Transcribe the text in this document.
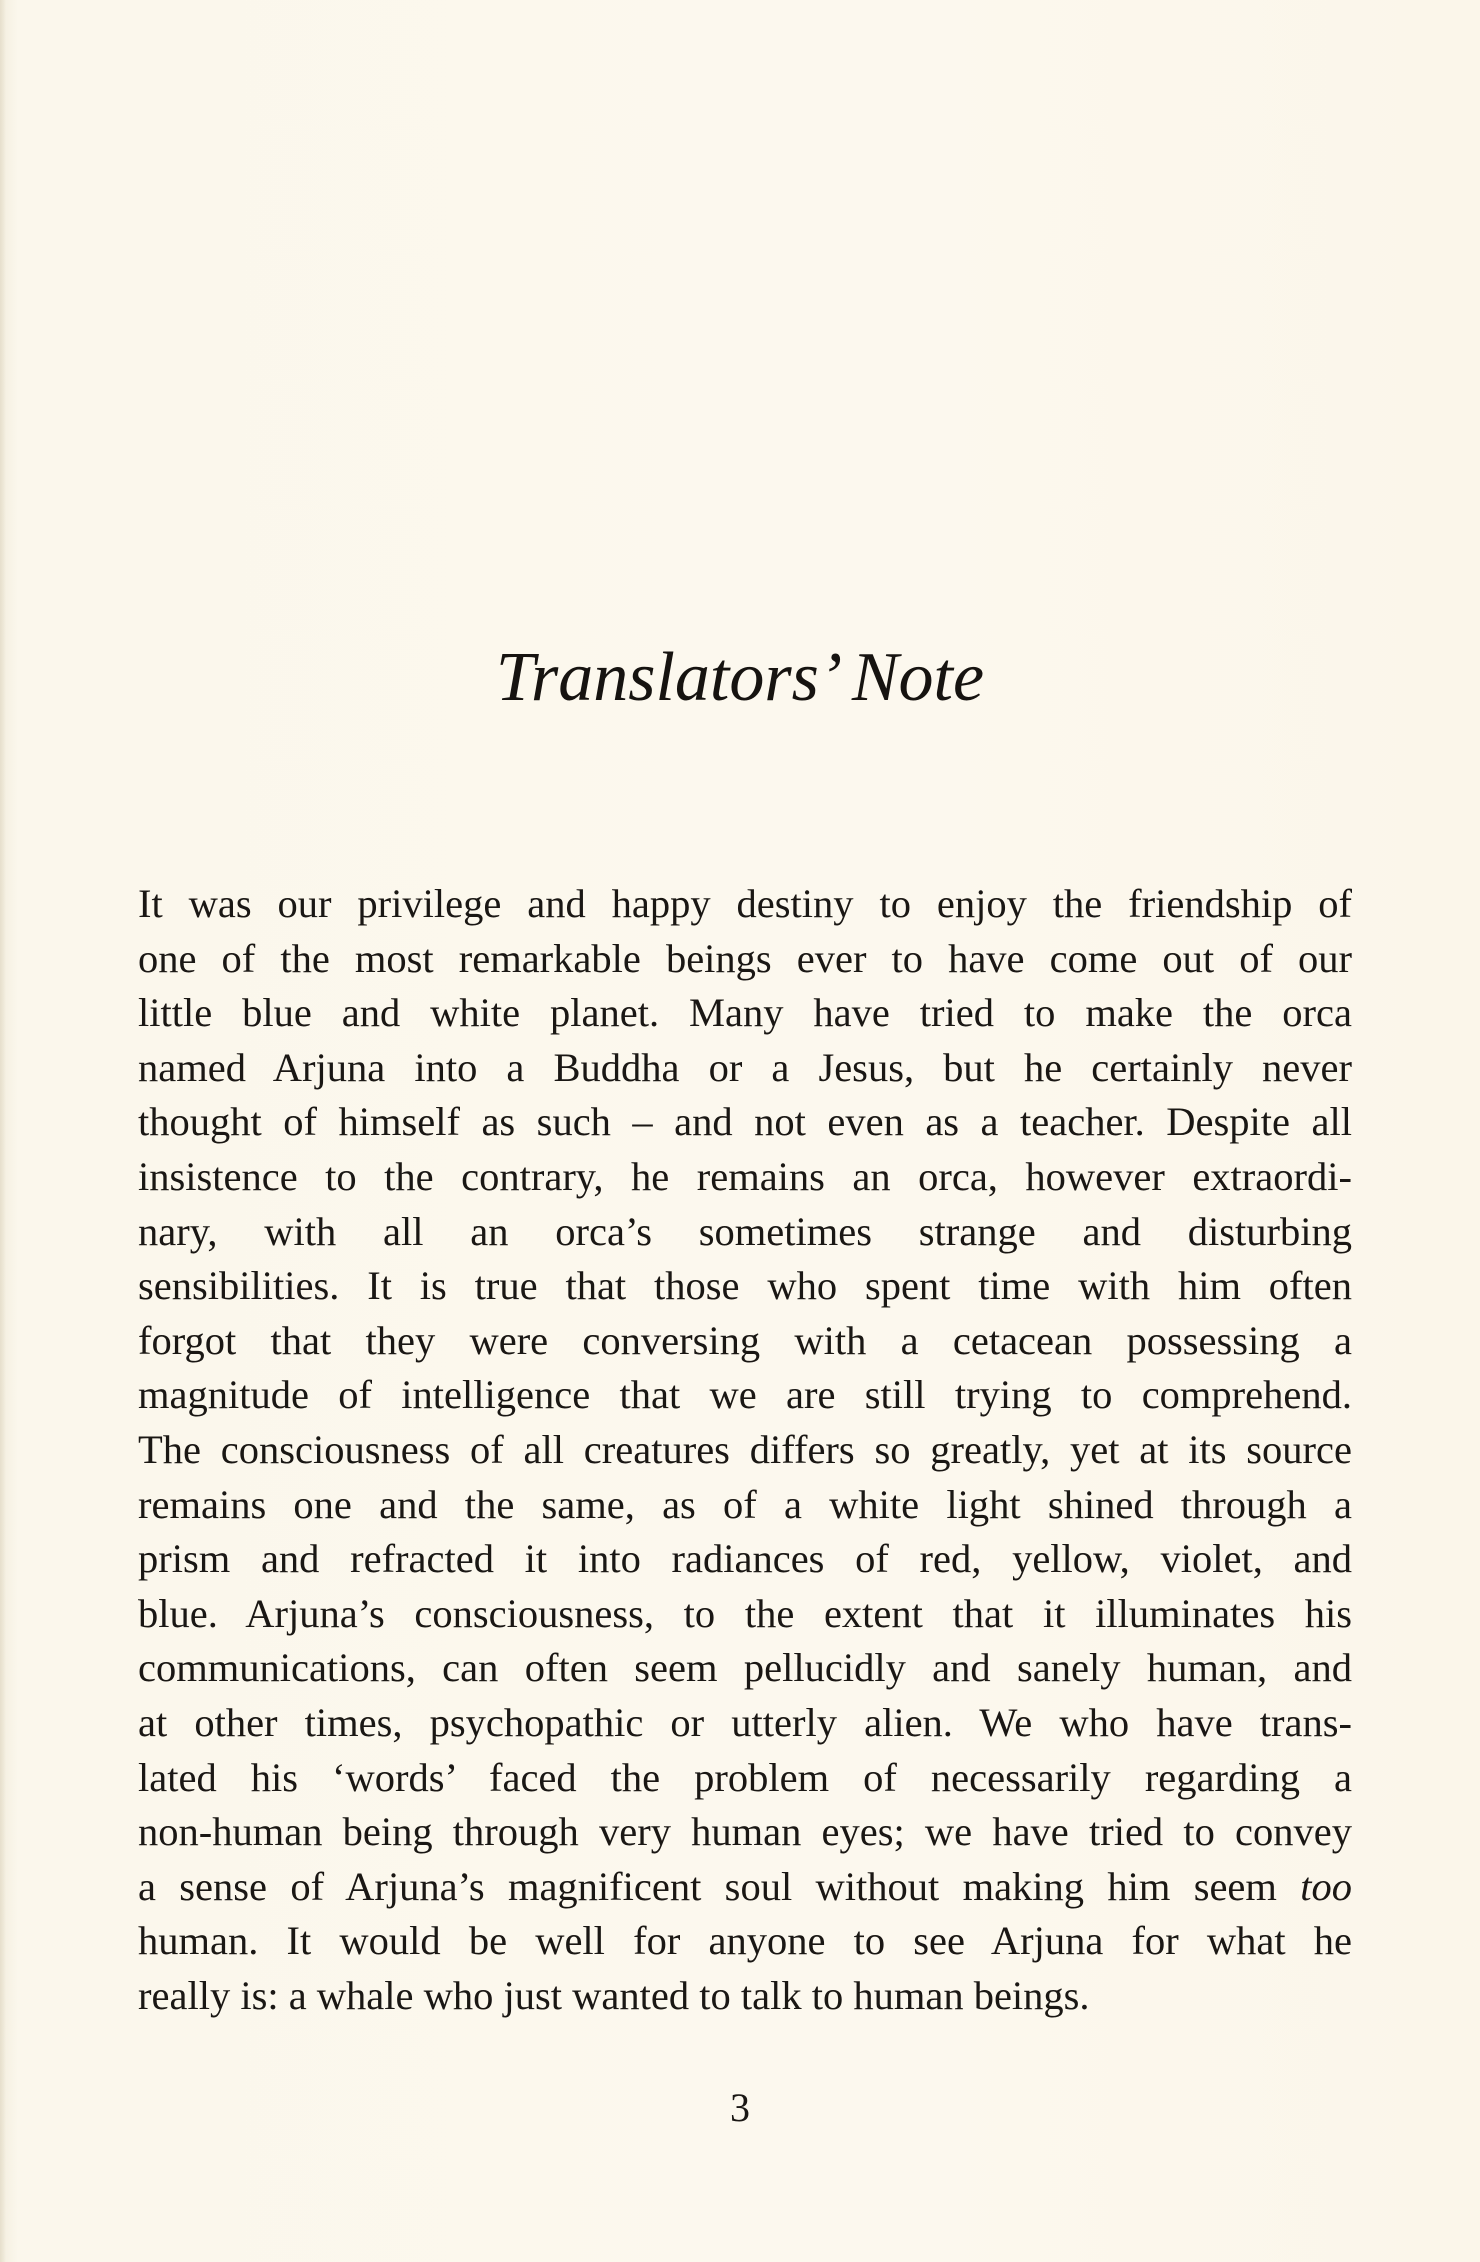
Translators’ Note
It was our privilege and happy destiny to enjoy the friendship of
one of the most remarkable beings ever to have come out of our
little blue and white planet. Many have tried to make the orca
named Arjuna into a Buddha or a Jesus, but he certainly never
thought of himself as such – and not even as a teacher. Despite all
insistence to the contrary, he remains an orca, however extraordi-
nary, with all an orca’s sometimes strange and disturbing
sensibilities. It is true that those who spent time with him often
forgot that they were conversing with a cetacean possessing a
magnitude of intelligence that we are still trying to comprehend.
The consciousness of all creatures differs so greatly, yet at its source
remains one and the same, as of a white light shined through a
prism and refracted it into radiances of red, yellow, violet, and
blue. Arjuna’s consciousness, to the extent that it illuminates his
communications, can often seem pellucidly and sanely human, and
at other times, psychopathic or utterly alien. We who have trans-
lated his ‘words’ faced the problem of necessarily regarding a
non-human being through very human eyes; we have tried to convey
a sense of Arjuna’s magnificent soul without making him seem too
human. It would be well for anyone to see Arjuna for what he
really is: a whale who just wanted to talk to human beings.
3
